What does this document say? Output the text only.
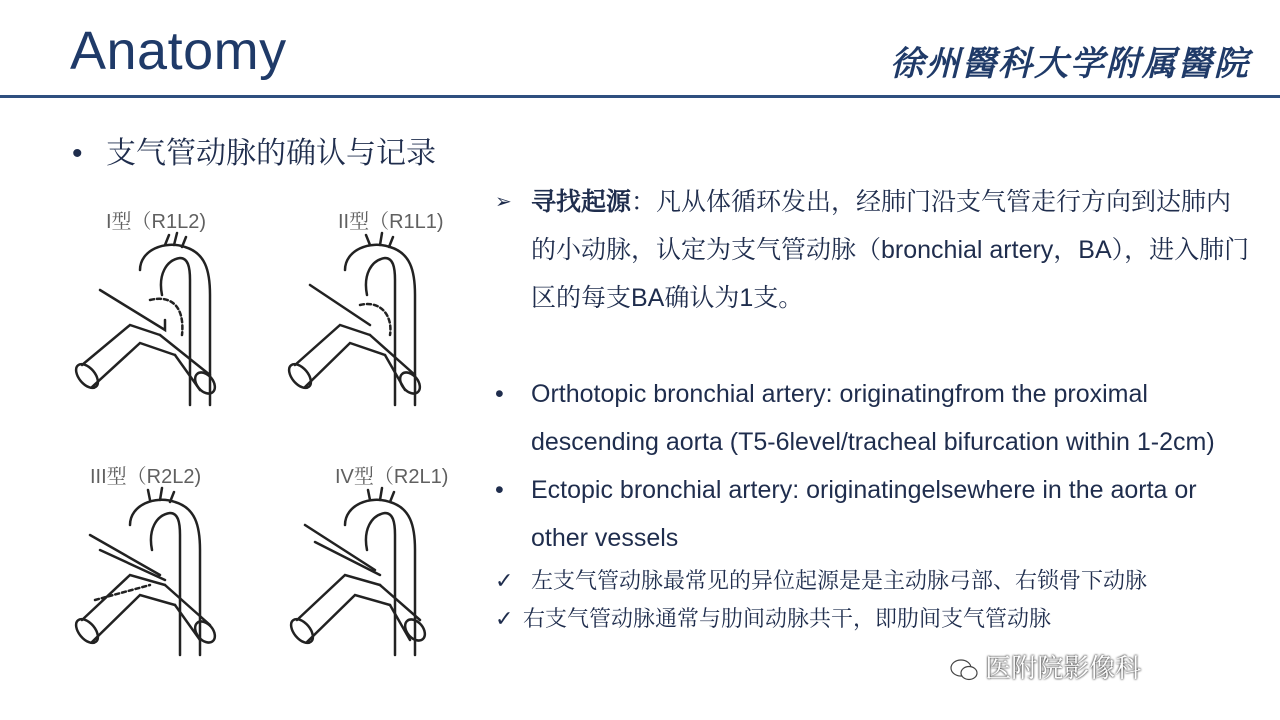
Anatomy	徐州醫科大学附属醫院
• 支气管动脉的确认与记录
I型（R1L2)	II型（R1L1)
III型（R2L2)	IV型（R2L1)
➢ 寻找起源：凡从体循环发出，经肺门沿支气管走行方向到达肺内的小动脉，认定为支气管动脉（bronchial artery，BA），进入肺门区的每支BA确认为1支。
• Orthotopic bronchial artery: originatingfrom the proximal descending aorta (T5-6level/tracheal bifurcation within 1-2cm)
• Ectopic bronchial artery: originatingelsewhere in the aorta or other vessels
✓ 左支气管动脉最常见的异位起源是是主动脉弓部、右锁骨下动脉
✓ 右支气管动脉通常与肋间动脉共干，即肋间支气管动脉
医附院影像科
